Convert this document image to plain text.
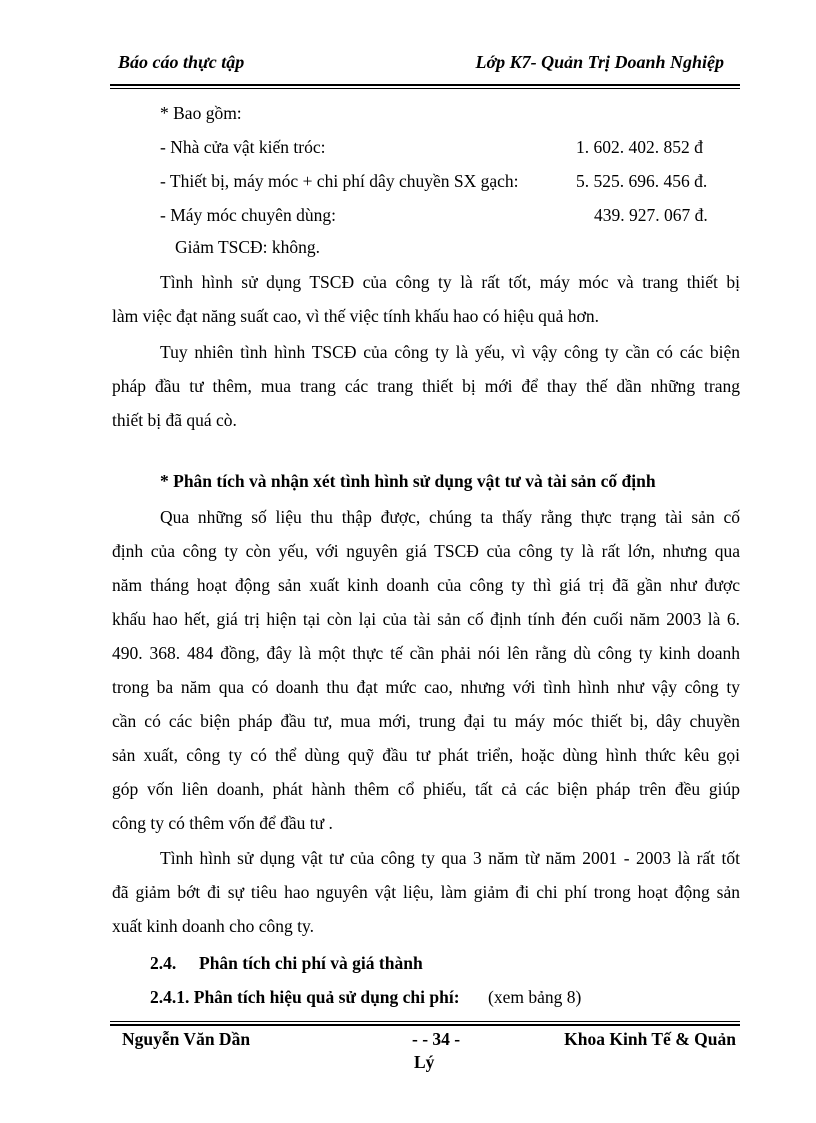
Báo cáo thực tập	Lớp K7- Quản Trị Doanh Nghiệp
* Bao gồm:
- Nhà cửa vật kiến tróc:	1. 602. 402. 852 đ
- Thiết bị, máy móc + chi phí dây chuyền SX gạch:	5. 525. 696. 456 đ.
- Máy móc chuyên dùng:	439. 927. 067 đ.
Giảm TSCĐ: không.
Tình hình sử dụng TSCĐ của công ty là rất tốt, máy móc và trang thiết bị
làm việc đạt năng suất cao, vì thế việc tính khấu hao có hiệu quả hơn.
Tuy nhiên tình hình TSCĐ của công ty là yếu, vì vậy công ty cần có các biện
pháp đầu tư thêm, mua trang các trang thiết bị mới để thay thế dần những trang
thiết bị đã quá cò.
* Phân tích và nhận xét tình hình sử dụng vật tư và tài sản cố định
Qua những số liệu thu thập được, chúng ta thấy rằng thực trạng tài sản cố
định của công ty còn yếu, với nguyên giá TSCĐ của công ty là rất lớn, nhưng qua
năm tháng hoạt động sản xuất kinh doanh của công ty thì giá trị đã gần như được
khấu hao hết, giá trị hiện tại còn lại của tài sản cố định tính đén cuối năm 2003 là 6.
490. 368. 484 đồng, đây là một thực tế cần phải nói lên rằng dù công ty kinh doanh
trong ba năm qua có doanh thu đạt mức cao, nhưng với tình hình như vậy công ty
cần có các biện pháp đầu tư, mua mới, trung đại tu máy móc thiết bị, dây chuyền
sản xuất, công ty có thể dùng quỹ đầu tư phát triển, hoặc dùng hình thức kêu gọi
góp vốn liên doanh, phát hành thêm cổ phiếu, tất cả các biện pháp trên đều giúp
công ty có thêm vốn để đầu tư .
Tình hình sử dụng vật tư của công ty qua 3 năm từ năm 2001 - 2003 là rất tốt
đã giảm bớt đi sự tiêu hao nguyên vật liệu, làm giảm đi chi phí trong hoạt động sản
xuất kinh doanh cho công ty.
2.4. Phân tích chi phí và giá thành
2.4.1. Phân tích hiệu quả sử dụng chi phí: (xem bảng 8)
Nguyễn Văn Dần	- - 34 -	Khoa Kinh Tế & Quản
Lý
